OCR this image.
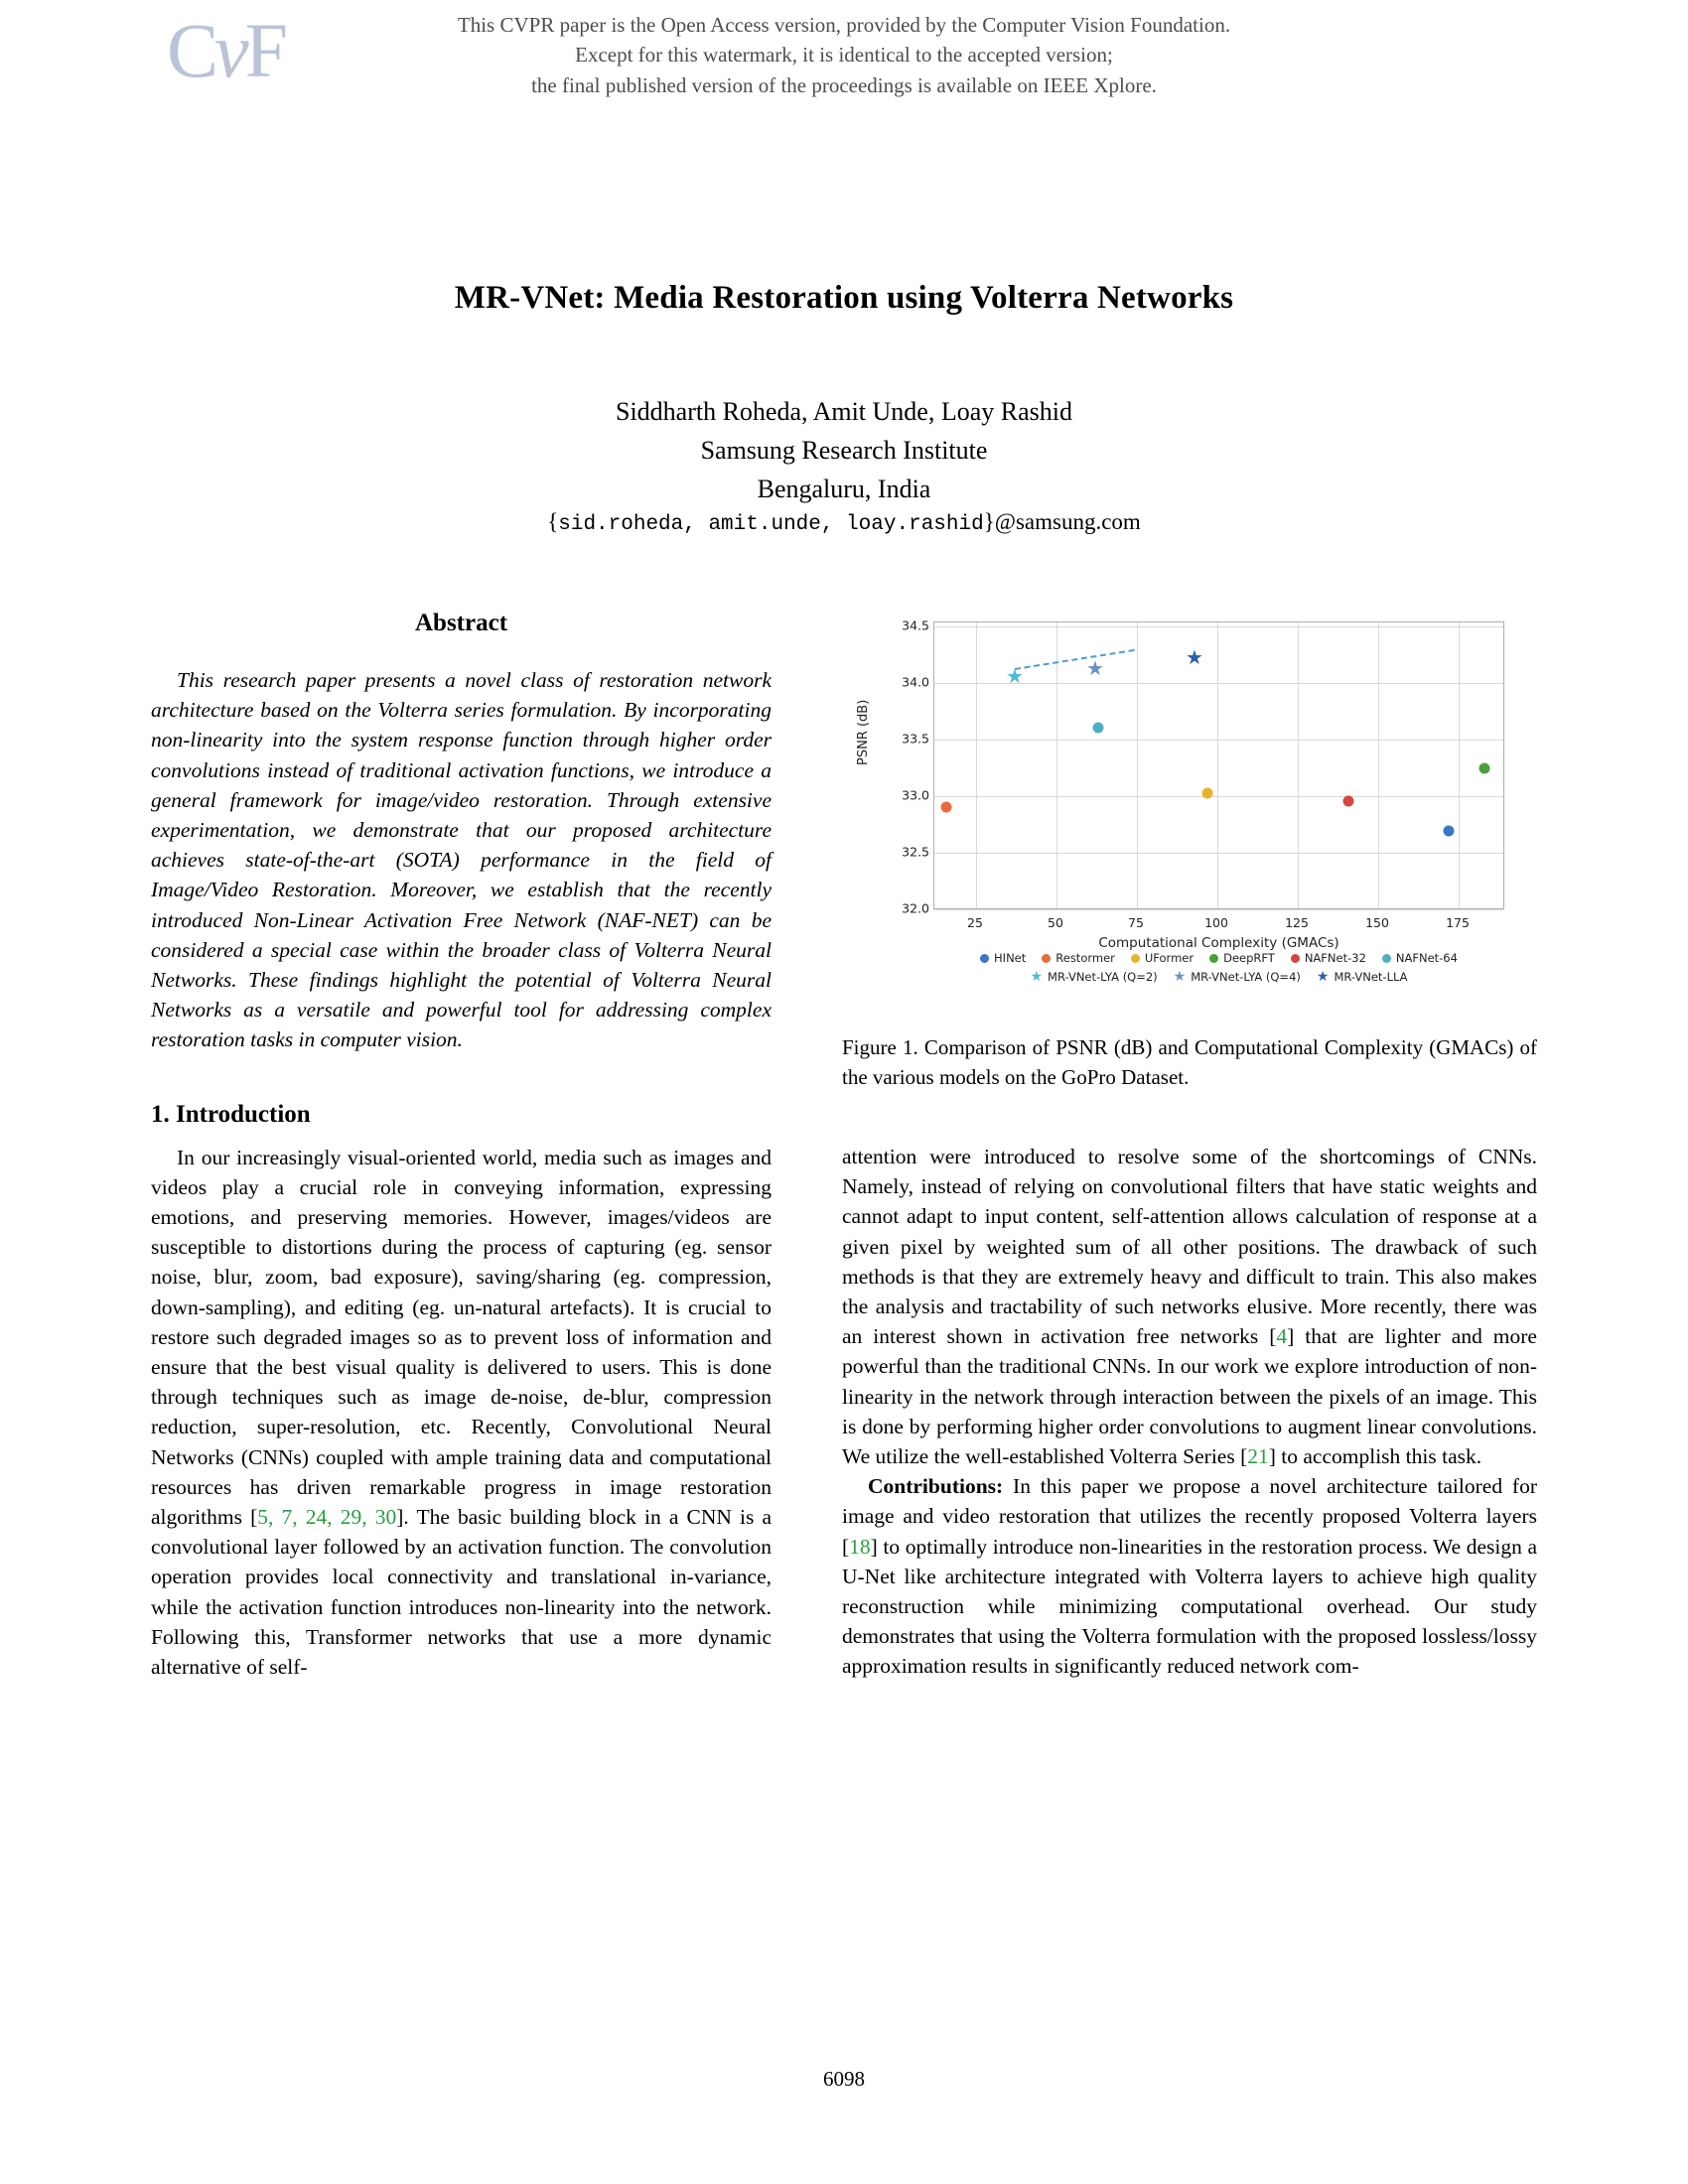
CvF	This CVPR paper is the Open Access version, provided by the Computer Vision Foundation.
Except for this watermark, it is identical to the accepted version;
the final published version of the proceedings is available on IEEE Xplore.
MR-VNet: Media Restoration using Volterra Networks
Siddharth Roheda, Amit Unde, Loay Rashid
Samsung Research Institute
Bengaluru, India
{sid.roheda, amit.unde, loay.rashid}@samsung.com
Abstract

This research paper presents a novel class of restoration network architecture based on the Volterra series formulation. By incorporating non-linearity into the system response function through higher order convolutions instead of traditional activation functions, we introduce a general framework for image/video restoration. Through extensive experimentation, we demonstrate that our proposed architecture achieves state-of-the-art (SOTA) performance in the field of Image/Video Restoration. Moreover, we establish that the recently introduced Non-Linear Activation Free Network (NAF-NET) can be considered a special case within the broader class of Volterra Neural Networks. These findings highlight the potential of Volterra Neural Networks as a versatile and powerful tool for addressing complex restoration tasks in computer vision.

1. Introduction

In our increasingly visual-oriented world, media such as images and videos play a crucial role in conveying information, expressing emotions, and preserving memories. However, images/videos are susceptible to distortions during the process of capturing (eg. sensor noise, blur, zoom, bad exposure), saving/sharing (eg. compression, down-sampling), and editing (eg. un-natural artefacts). It is crucial to restore such degraded images so as to prevent loss of information and ensure that the best visual quality is delivered to users. This is done through techniques such as image de-noise, de-blur, compression reduction, super-resolution, etc. Recently, Convolutional Neural Networks (CNNs) coupled with ample training data and computational resources has driven remarkable progress in image restoration algorithms [5, 7, 24, 29, 30]. The basic building block in a CNN is a convolutional layer followed by an activation function. The convolution operation provides local connectivity and translational in-variance, while the activation function introduces non-linearity into the network. Following this, Transformer networks that use a more dynamic alternative of self-

PSNR (dB)
★	★	★
32.0
32.5
33.0
33.5
34.0
34.5
25	50	75	100	125	150	175
Computational Complexity (GMACs)
HINet	Restormer	UFormer	DeepRFT	NAFNet-32	NAFNet-64
★ MR-VNet-LYA (Q=2) ★ MR-VNet-LYA (Q=4) ★ MR-VNet-LLA
Figure 1. Comparison of PSNR (dB) and Computational Complexity (GMACs) of the various models on the GoPro Dataset.

attention were introduced to resolve some of the shortcomings of CNNs. Namely, instead of relying on convolutional filters that have static weights and cannot adapt to input content, self-attention allows calculation of response at a given pixel by weighted sum of all other positions. The drawback of such methods is that they are extremely heavy and difficult to train. This also makes the analysis and tractability of such networks elusive. More recently, there was an interest shown in activation free networks [4] that are lighter and more powerful than the traditional CNNs. In our work we explore introduction of non-linearity in the network through interaction between the pixels of an image. This is done by performing higher order convolutions to augment linear convolutions. We utilize the well-established Volterra Series [21] to accomplish this task.

Contributions: In this paper we propose a novel architecture tailored for image and video restoration that utilizes the recently proposed Volterra layers [18] to optimally introduce non-linearities in the restoration process. We design a U-Net like architecture integrated with Volterra layers to achieve high quality reconstruction while minimizing computational overhead. Our study demonstrates that using the Volterra formulation with the proposed lossless/lossy approximation results in significantly reduced network com-

6098
